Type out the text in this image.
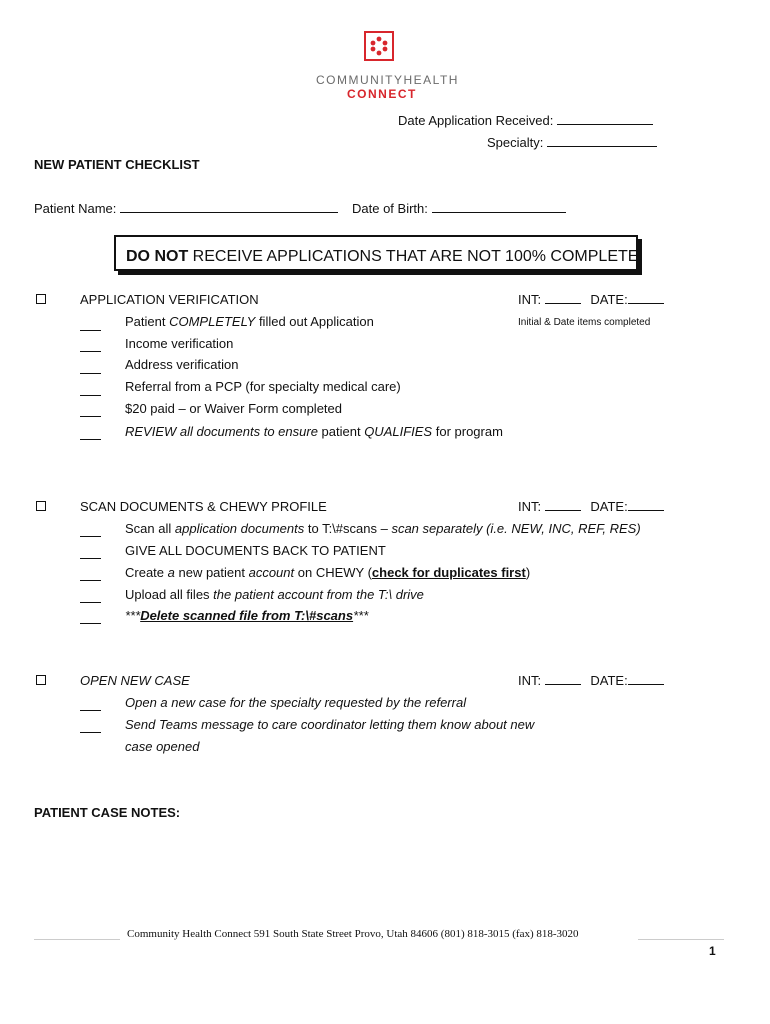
COMMUNITYHEALTH
CONNECT
Date Application Received:
Specialty:
NEW PATIENT CHECKLIST
Patient Name:	Date of Birth:
DO NOT RECEIVE APPLICATIONS THAT ARE NOT 100% COMPLETE.
APPLICATION VERIFICATION	INT:	DATE:
Initial & Date items completed
Patient COMPLETELY filled out Application
Income verification
Address verification
Referral from a PCP (for specialty medical care)
$20 paid – or Waiver Form completed
REVIEW all documents to ensure patient QUALIFIES for program
SCAN DOCUMENTS & CHEWY PROFILE	INT:	DATE:
Scan all application documents to T:\#scans – scan separately (i.e. NEW, INC, REF, RES)
GIVE ALL DOCUMENTS BACK TO PATIENT
Create a new patient account on CHEWY (check for duplicates first)
Upload all files the patient account from the T:\ drive
***Delete scanned file from T:\#scans***
OPEN NEW CASE	INT:	DATE:
Open a new case for the specialty requested by the referral
Send Teams message to care coordinator letting them know about new
case opened
PATIENT CASE NOTES:
Community Health Connect 591 South State Street Provo, Utah 84606 (801) 818-3015 (fax) 818-3020
1
